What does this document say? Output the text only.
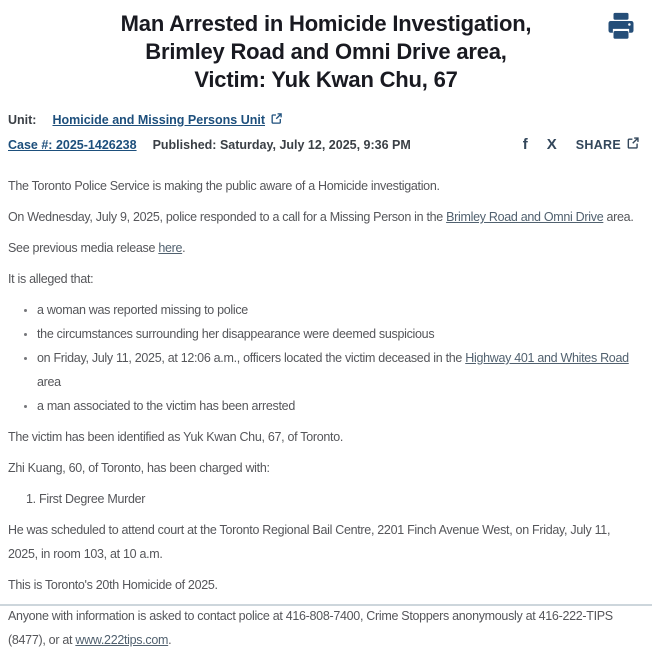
Man Arrested in Homicide Investigation,
Brimley Road and Omni Drive area,
Victim: Yuk Kwan Chu, 67
Unit: Homicide and Missing Persons Unit
Case #: 2025-1426238 Published: Saturday, July 12, 2025, 9:36 PM	f X SHARE

The Toronto Police Service is making the public aware of a Homicide investigation.

On Wednesday, July 9, 2025, police responded to a call for a Missing Person in the Brimley Road and Omni Drive area.

See previous media release here.

It is alleged that:

• a woman was reported missing to police
• the circumstances surrounding her disappearance were deemed suspicious
• on Friday, July 11, 2025, at 12:06 a.m., officers located the victim deceased in the Highway 401 and Whites Road area
• a man associated to the victim has been arrested

The victim has been identified as Yuk Kwan Chu, 67, of Toronto.

Zhi Kuang, 60, of Toronto, has been charged with:

1. First Degree Murder

He was scheduled to attend court at the Toronto Regional Bail Centre, 2201 Finch Avenue West, on Friday, July 11, 2025, in room 103, at 10 a.m.

This is Toronto's 20th Homicide of 2025.

Anyone with information is asked to contact police at 416-808-7400, Crime Stoppers anonymously at 416-222-TIPS (8477), or at www.222tips.com.
